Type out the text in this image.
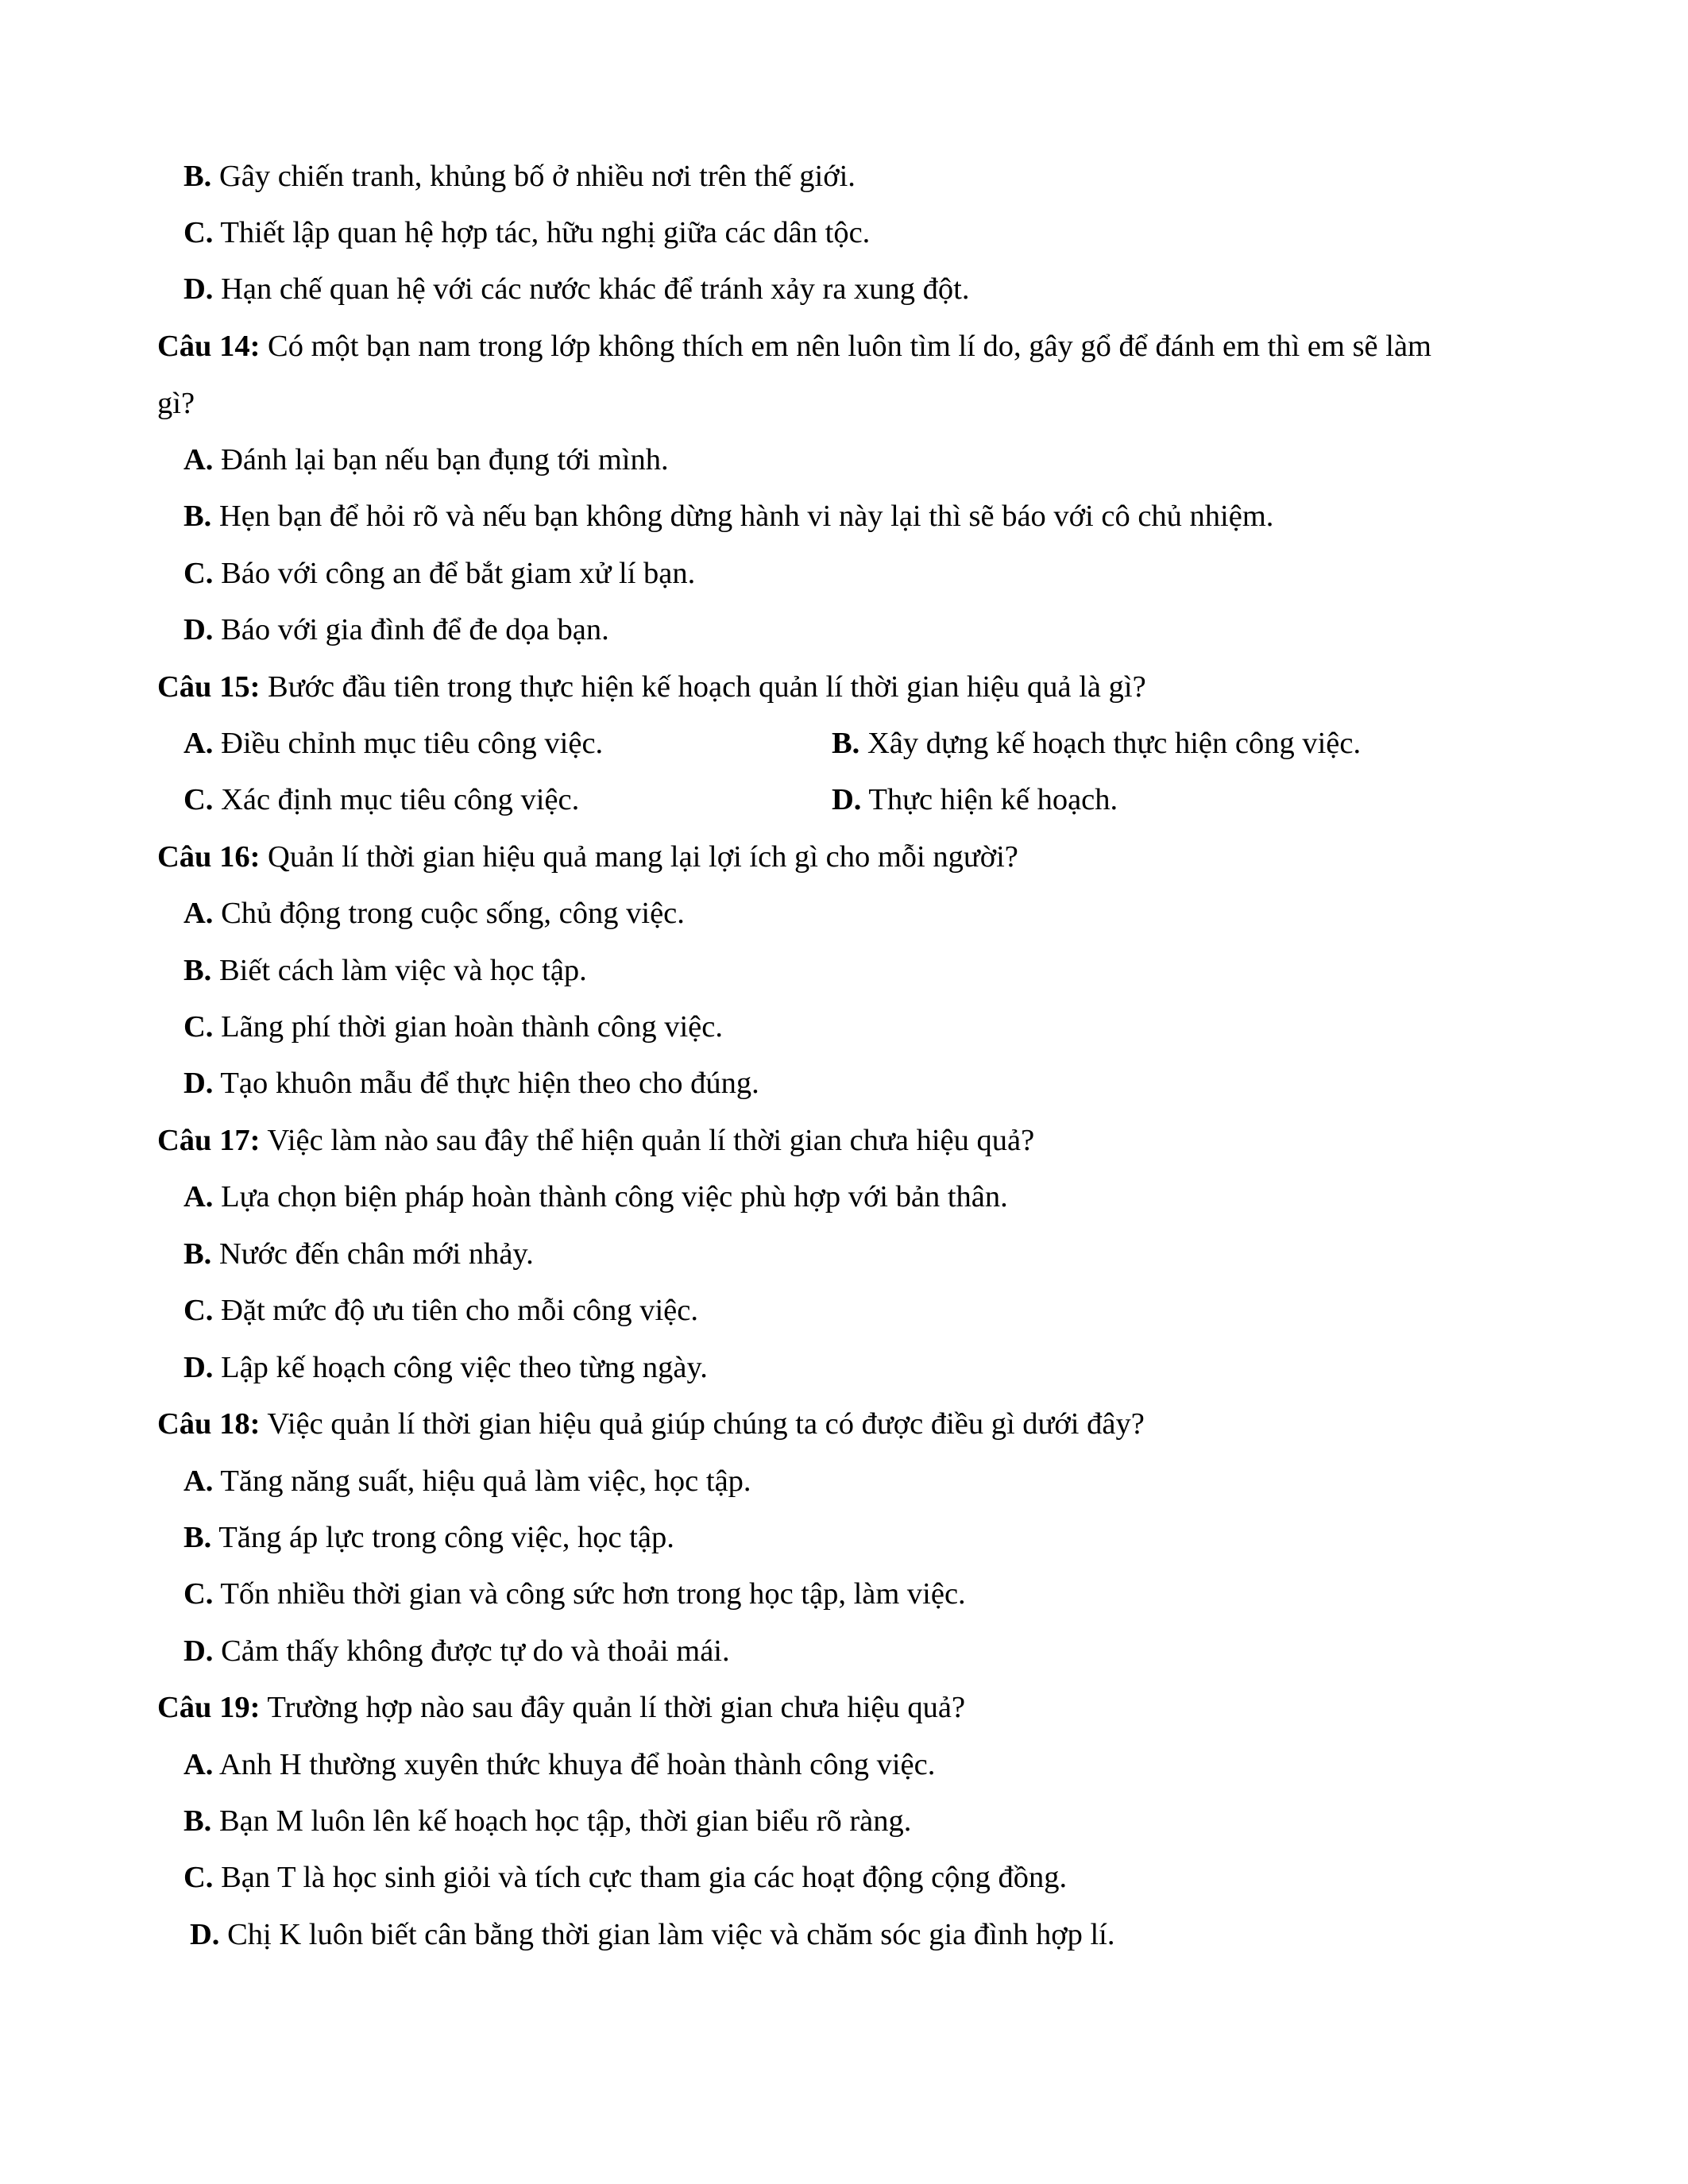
B. Gây chiến tranh, khủng bố ở nhiều nơi trên thế giới.
C. Thiết lập quan hệ hợp tác, hữu nghị giữa các dân tộc.
D. Hạn chế quan hệ với các nước khác để tránh xảy ra xung đột.
Câu 14: Có một bạn nam trong lớp không thích em nên luôn tìm lí do, gây gổ để đánh em thì em sẽ làm
gì?
A. Đánh lại bạn nếu bạn đụng tới mình.
B. Hẹn bạn để hỏi rõ và nếu bạn không dừng hành vi này lại thì sẽ báo với cô chủ nhiệm.
C. Báo với công an để bắt giam xử lí bạn.
D. Báo với gia đình để đe dọa bạn.
Câu 15: Bước đầu tiên trong thực hiện kế hoạch quản lí thời gian hiệu quả là gì?
A. Điều chỉnh mục tiêu công việc.	B. Xây dựng kế hoạch thực hiện công việc.
C. Xác định mục tiêu công việc.	D. Thực hiện kế hoạch.
Câu 16: Quản lí thời gian hiệu quả mang lại lợi ích gì cho mỗi người?
A. Chủ động trong cuộc sống, công việc.
B. Biết cách làm việc và học tập.
C. Lãng phí thời gian hoàn thành công việc.
D. Tạo khuôn mẫu để thực hiện theo cho đúng.
Câu 17: Việc làm nào sau đây thể hiện quản lí thời gian chưa hiệu quả?
A. Lựa chọn biện pháp hoàn thành công việc phù hợp với bản thân.
B. Nước đến chân mới nhảy.
C. Đặt mức độ ưu tiên cho mỗi công việc.
D. Lập kế hoạch công việc theo từng ngày.
Câu 18: Việc quản lí thời gian hiệu quả giúp chúng ta có được điều gì dưới đây?
A. Tăng năng suất, hiệu quả làm việc, học tập.
B. Tăng áp lực trong công việc, học tập.
C. Tốn nhiều thời gian và công sức hơn trong học tập, làm việc.
D. Cảm thấy không được tự do và thoải mái.
Câu 19: Trường hợp nào sau đây quản lí thời gian chưa hiệu quả?
A. Anh H thường xuyên thức khuya để hoàn thành công việc.
B. Bạn M luôn lên kế hoạch học tập, thời gian biểu rõ ràng.
C. Bạn T là học sinh giỏi và tích cực tham gia các hoạt động cộng đồng.
D. Chị K luôn biết cân bằng thời gian làm việc và chăm sóc gia đình hợp lí.
